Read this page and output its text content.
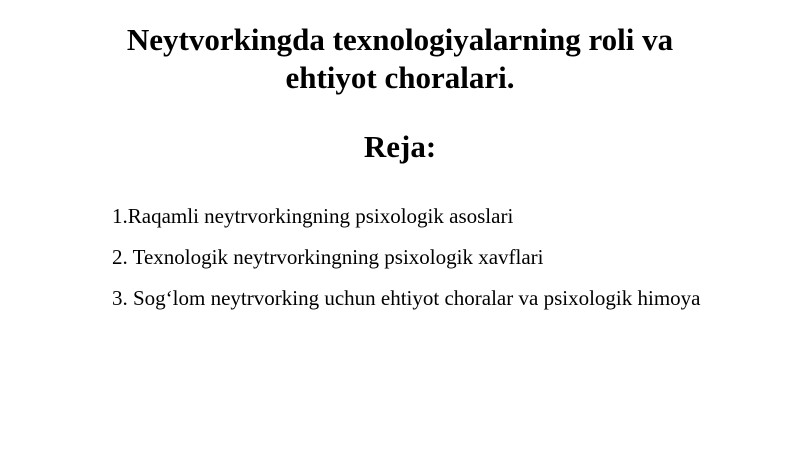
Neytvorkingda texnologiyalarning roli va
ehtiyot choralari.
Reja:
1.Raqamli neytrvorkingning psixologik asoslari
2. Texnologik neytrvorkingning psixologik xavflari
3. Sog‘lom neytrvorking uchun ehtiyot choralar va psixologik himoya
